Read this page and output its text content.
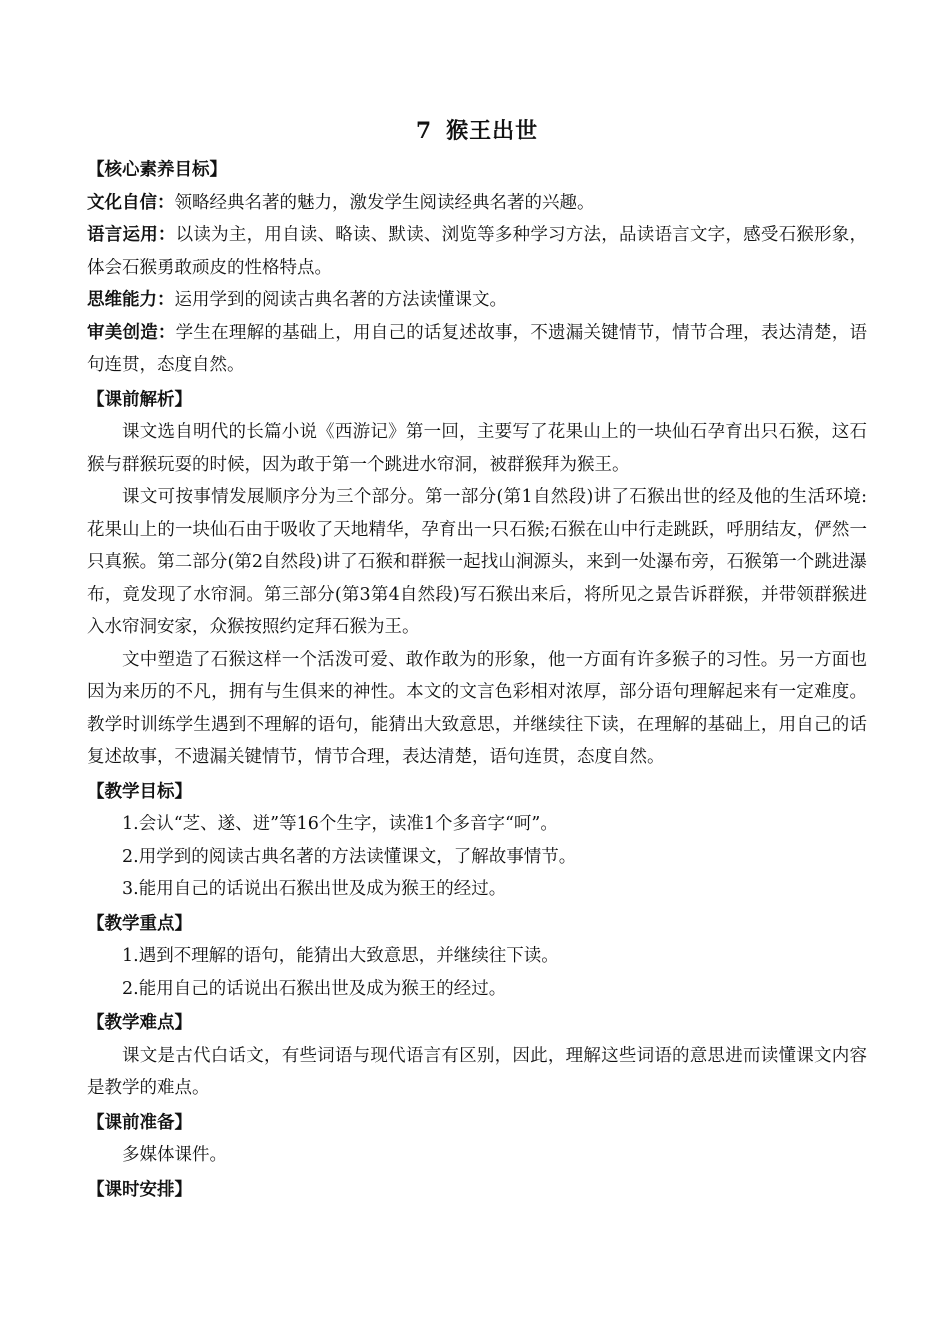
7 猴王出世
【核心素养目标】

文化自信：领略经典名著的魅力，激发学生阅读经典名著的兴趣。

语言运用：以读为主，用自读、略读、默读、浏览等多种学习方法，品读语言文字，感受石猴形象，体会石猴勇敢顽皮的性格特点。

思维能力：运用学到的阅读古典名著的方法读懂课文。

审美创造：学生在理解的基础上，用自己的话复述故事，不遗漏关键情节，情节合理，表达清楚，语句连贯，态度自然。

【课前解析】

课文选自明代的长篇小说《西游记》第一回，主要写了花果山上的一块仙石孕育出只石猴，这石猴与群猴玩耍的时候，因为敢于第一个跳进水帘洞，被群猴拜为猴王。

课文可按事情发展顺序分为三个部分。第一部分(第1自然段)讲了石猴出世的经及他的生活环境:花果山上的一块仙石由于吸收了天地精华，孕育出一只石猴;石猴在山中行走跳跃，呼朋结友，俨然一只真猴。第二部分(第2自然段)讲了石猴和群猴一起找山涧源头，来到一处瀑布旁，石猴第一个跳进瀑布，竟发现了水帘洞。第三部分(第3第4自然段)写石猴出来后，将所见之景告诉群猴，并带领群猴进入水帘洞安家，众猴按照约定拜石猴为王。

文中塑造了石猴这样一个活泼可爱、敢作敢为的形象，他一方面有许多猴子的习性。另一方面也因为来历的不凡，拥有与生俱来的神性。本文的文言色彩相对浓厚，部分语句理解起来有一定难度。教学时训练学生遇到不理解的语句，能猜出大致意思，并继续往下读，在理解的基础上，用自己的话复述故事，不遗漏关键情节，情节合理，表达清楚，语句连贯，态度自然。

【教学目标】

1.会认“芝、遂、迸”等16个生字，读准1个多音字“呵”。

2.用学到的阅读古典名著的方法读懂课文，了解故事情节。

3.能用自己的话说出石猴出世及成为猴王的经过。

【教学重点】

1.遇到不理解的语句，能猜出大致意思，并继续往下读。

2.能用自己的话说出石猴出世及成为猴王的经过。

【教学难点】

课文是古代白话文，有些词语与现代语言有区别，因此，理解这些词语的意思进而读懂课文内容是教学的难点。

【课前准备】

多媒体课件。

【课时安排】
